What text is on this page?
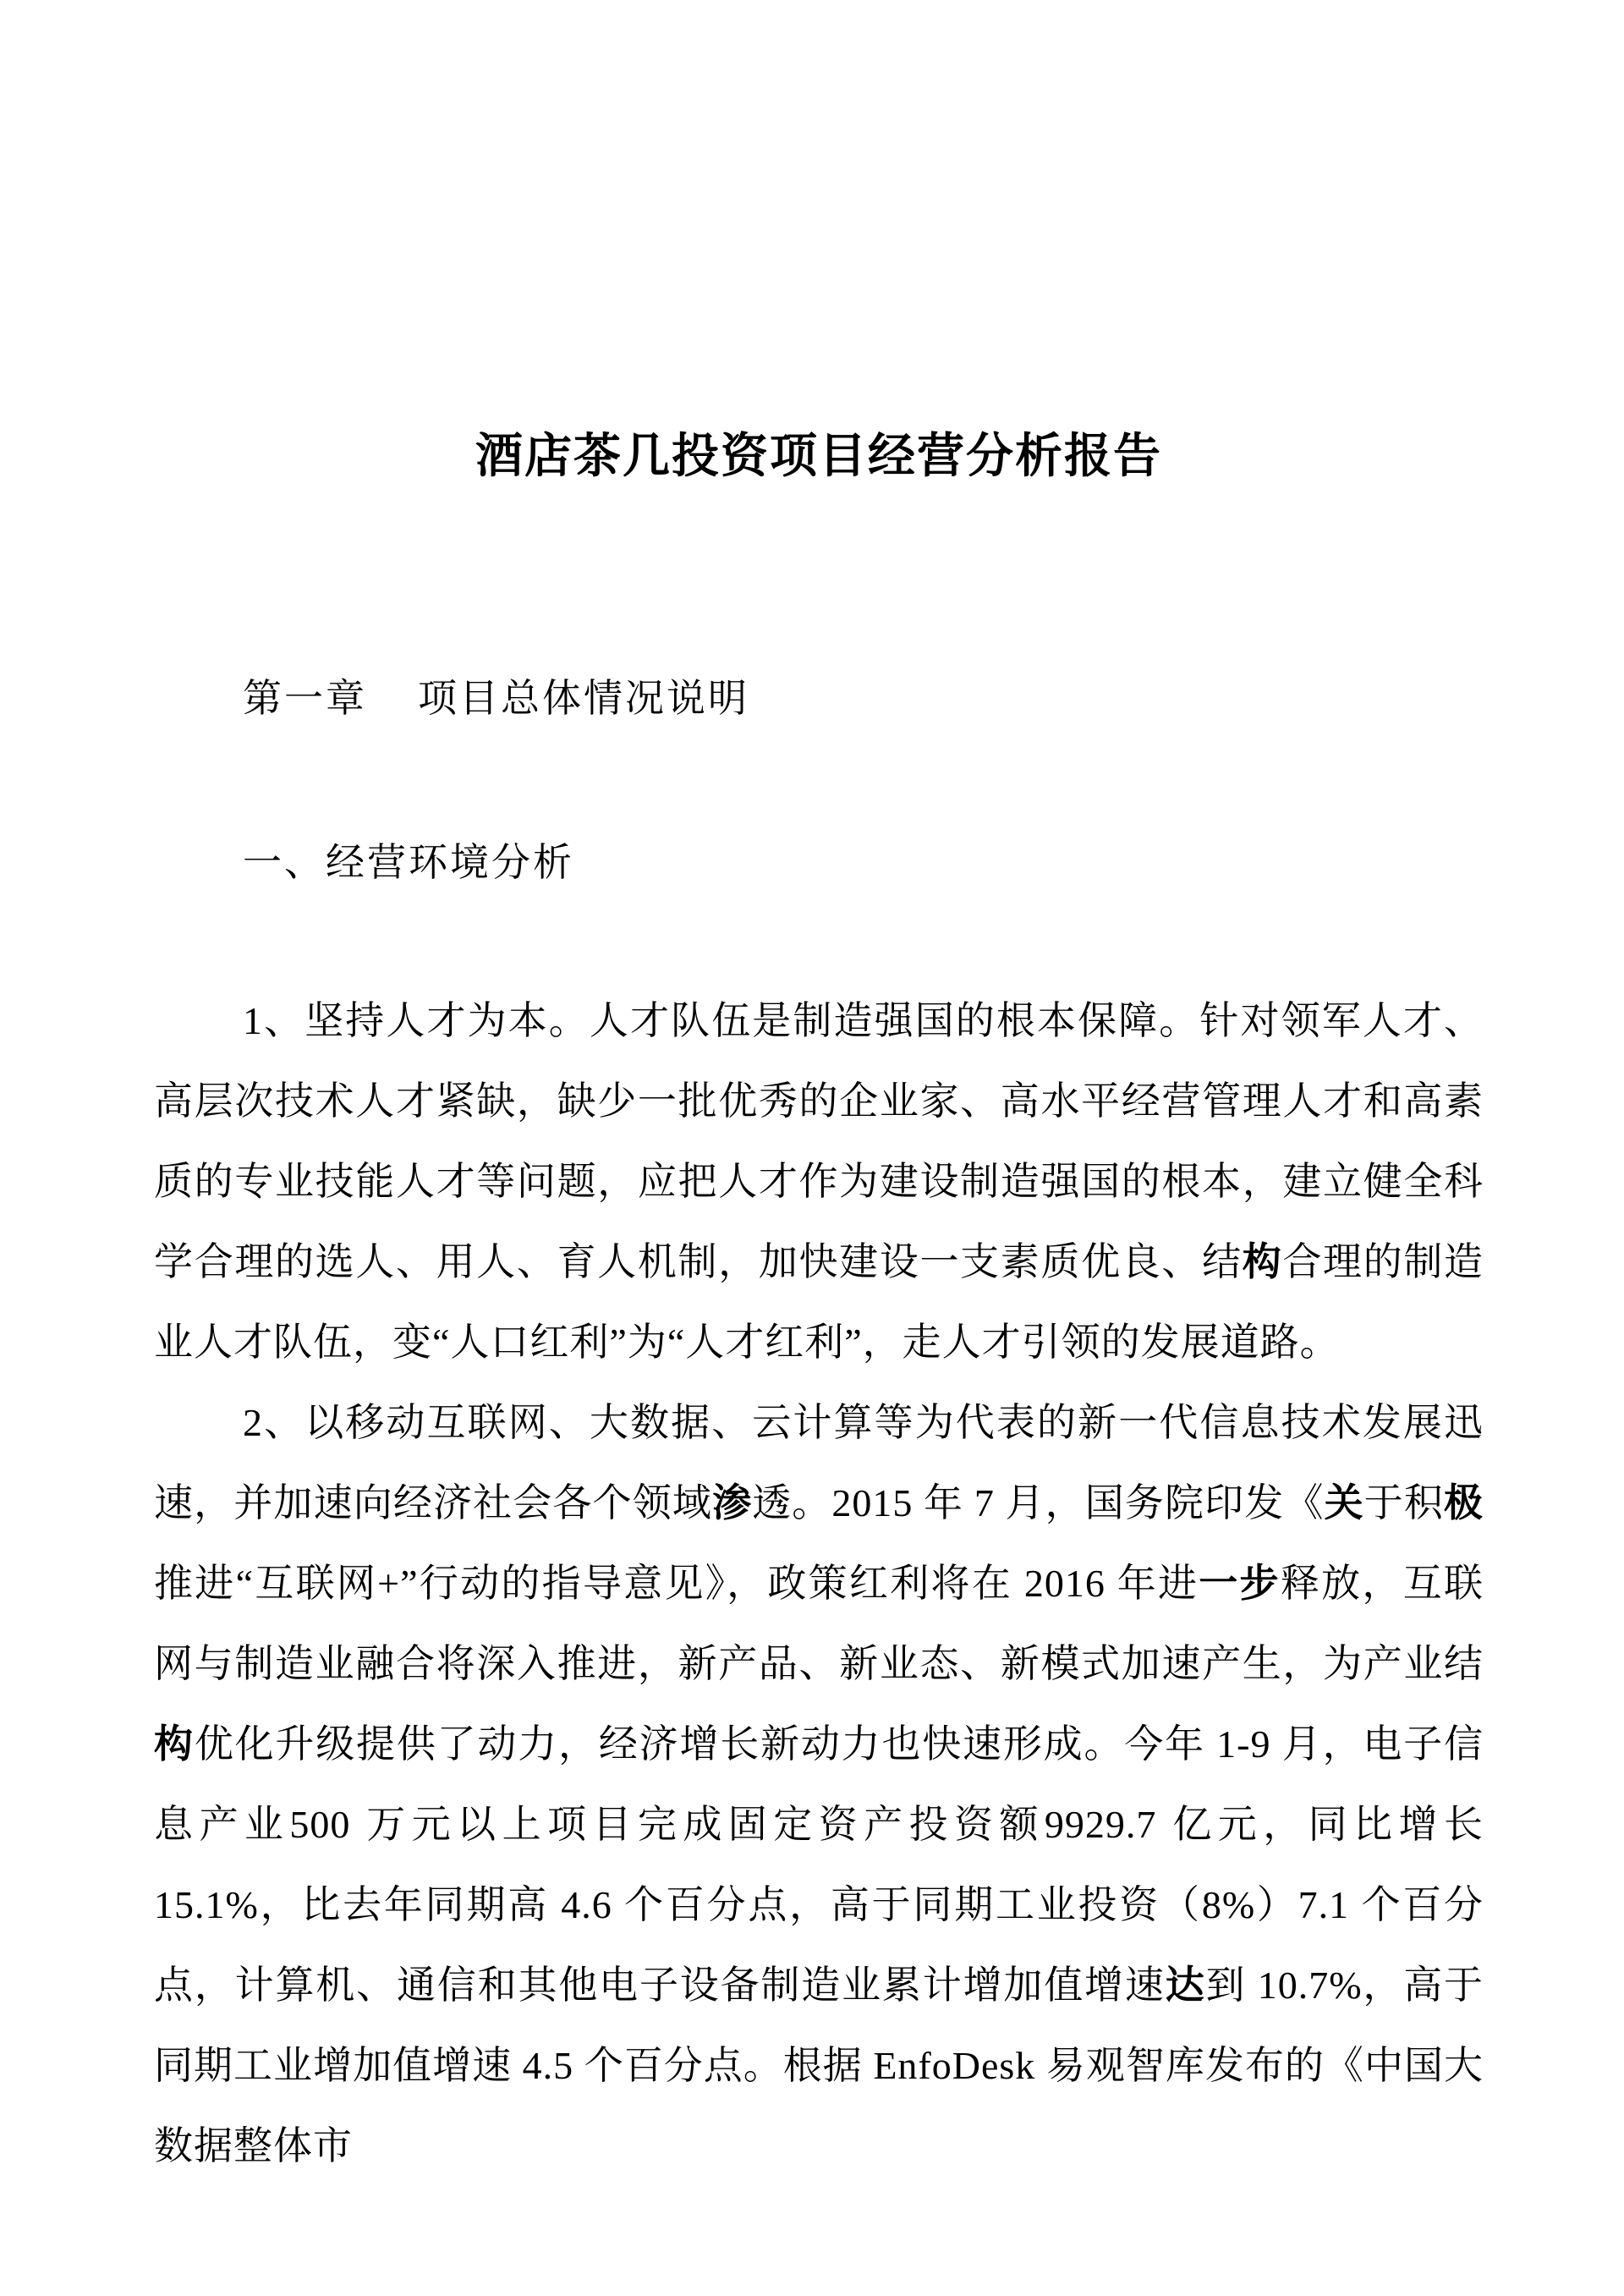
酒店茶几投资项目经营分析报告
第一章 项目总体情况说明
一、经营环境分析

1、坚持人才为本。人才队伍是制造强国的根本保障。针对领军人才、高层次技术人才紧缺，缺少一批优秀的企业家、高水平经营管理人才和高素质的专业技能人才等问题，应把人才作为建设制造强国的根本，建立健全科学合理的选人、用人、育人机制，加快建设一支素质优良、结构合理的制造业人才队伍，变“人口红利”为“人才红利”，走人才引领的发展道路。

2、以移动互联网、大数据、云计算等为代表的新一代信息技术发展迅速，并加速向经济社会各个领域渗透。2015 年 7 月，国务院印发《关于积极推进“互联网+”行动的指导意见》，政策红利将在 2016 年进一步释放，互联网与制造业融合将深入推进，新产品、新业态、新模式加速产生，为产业结构优化升级提供了动力，经济增长新动力也快速形成。今年 1-9 月，电子信息产业500 万元以上项目完成固定资产投资额9929.7 亿元，同比增长 15.1%，比去年同期高 4.6 个百分点，高于同期工业投资（8%）7.1 个百分点，计算机、通信和其他电子设备制造业累计增加值增速达到 10.7%，高于同期工业增加值增速 4.5 个百分点。根据 EnfoDesk 易观智库发布的《中国大数据整体市
